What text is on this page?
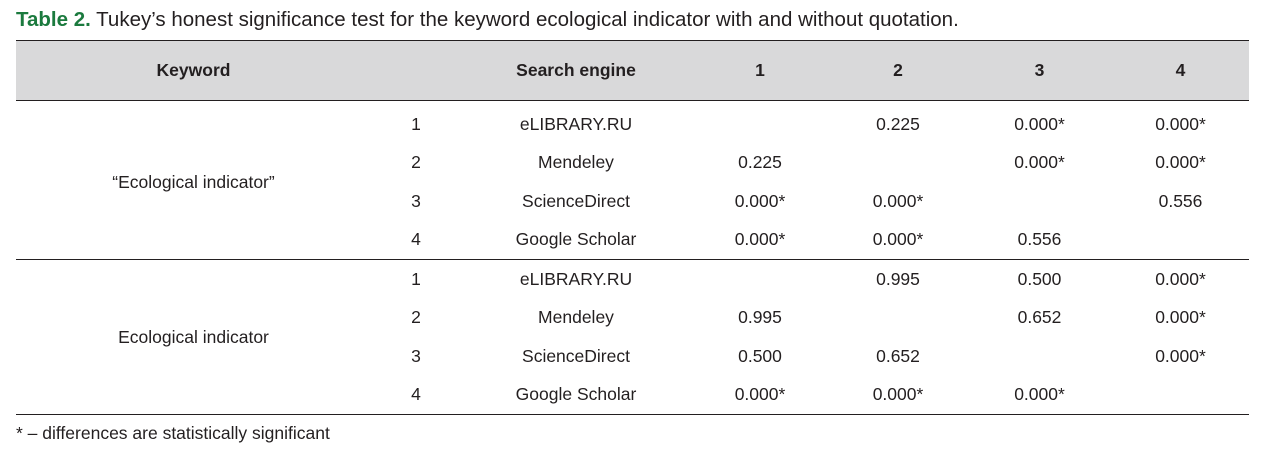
Table 2. Tukey’s honest significance test for the keyword ecological indicator with and without quotation.
Keyword		Search engine	1	2	3	4
“Ecological indicator”	1	eLIBRARY.RU		0.225	0.000*	0.000*
	2	Mendeley	0.225		0.000*	0.000*
	3	ScienceDirect	0.000*	0.000*		0.556
	4	Google Scholar	0.000*	0.000*	0.556	
Ecological indicator	1	eLIBRARY.RU		0.995	0.500	0.000*
	2	Mendeley	0.995		0.652	0.000*
	3	ScienceDirect	0.500	0.652		0.000*
	4	Google Scholar	0.000*	0.000*	0.000*	
* – differences are statistically significant
